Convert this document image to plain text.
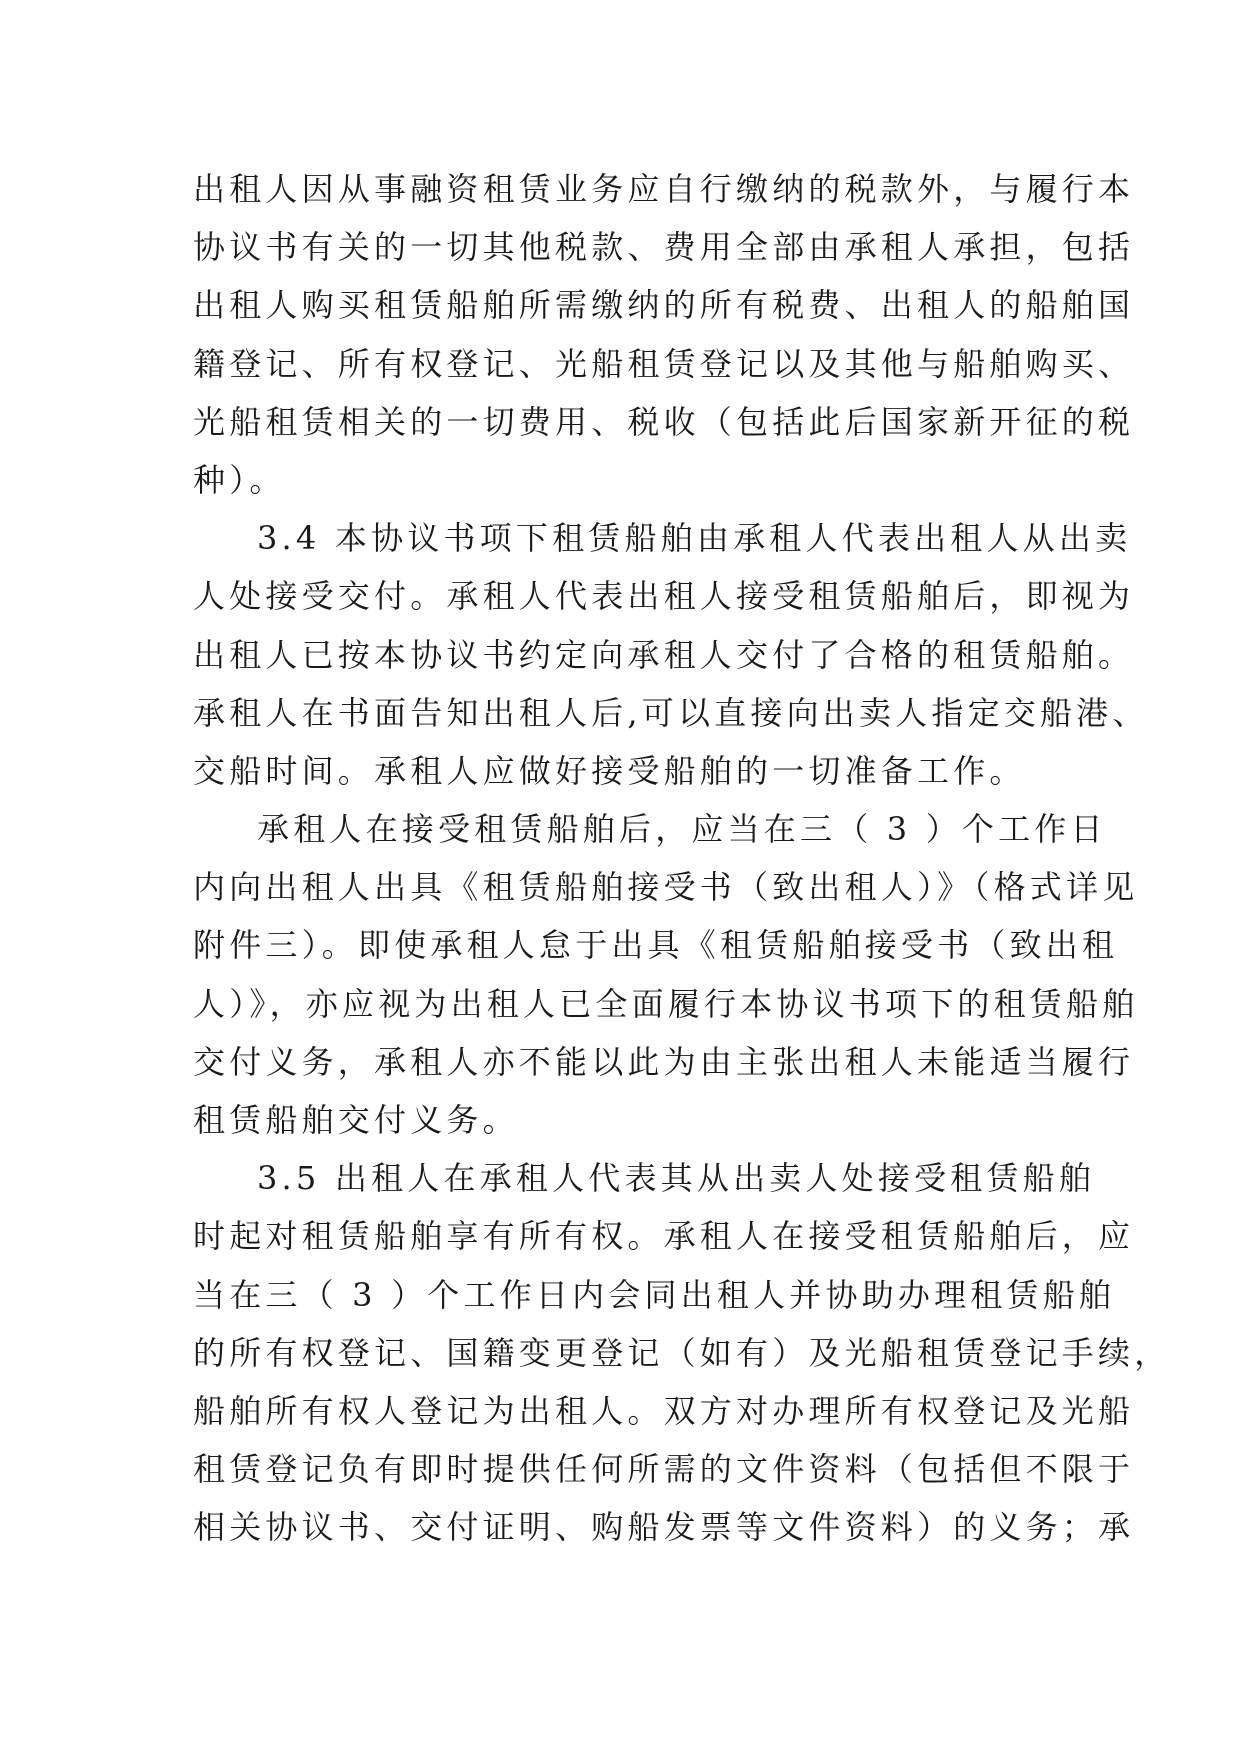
出租人因从事融资租赁业务应自行缴纳的税款外，与履行本
协议书有关的一切其他税款、费用全部由承租人承担，包括
出租人购买租赁船舶所需缴纳的所有税费、出租人的船舶国
籍登记、所有权登记、光船租赁登记以及其他与船舶购买、
光船租赁相关的一切费用、税收（包括此后国家新开征的税
种）。
3.4 本协议书项下租赁船舶由承租人代表出租人从出卖
人处接受交付。承租人代表出租人接受租赁船舶后，即视为
出租人已按本协议书约定向承租人交付了合格的租赁船舶。
承租人在书面告知出租人后,可以直接向出卖人指定交船港、
交船时间。承租人应做好接受船舶的一切准备工作。
承租人在接受租赁船舶后，应当在三（ 3 ）个工作日
内向出租人出具《租赁船舶接受书（致出租人）》（格式详见
附件三）。即使承租人怠于出具《租赁船舶接受书（致出租
人）》，亦应视为出租人已全面履行本协议书项下的租赁船舶
交付义务，承租人亦不能以此为由主张出租人未能适当履行
租赁船舶交付义务。
3.5 出租人在承租人代表其从出卖人处接受租赁船舶
时起对租赁船舶享有所有权。承租人在接受租赁船舶后，应
当在三（ 3 ）个工作日内会同出租人并协助办理租赁船舶
的所有权登记、国籍变更登记（如有）及光船租赁登记手续，
船舶所有权人登记为出租人。双方对办理所有权登记及光船
租赁登记负有即时提供任何所需的文件资料（包括但不限于
相关协议书、交付证明、购船发票等文件资料）的义务；承
